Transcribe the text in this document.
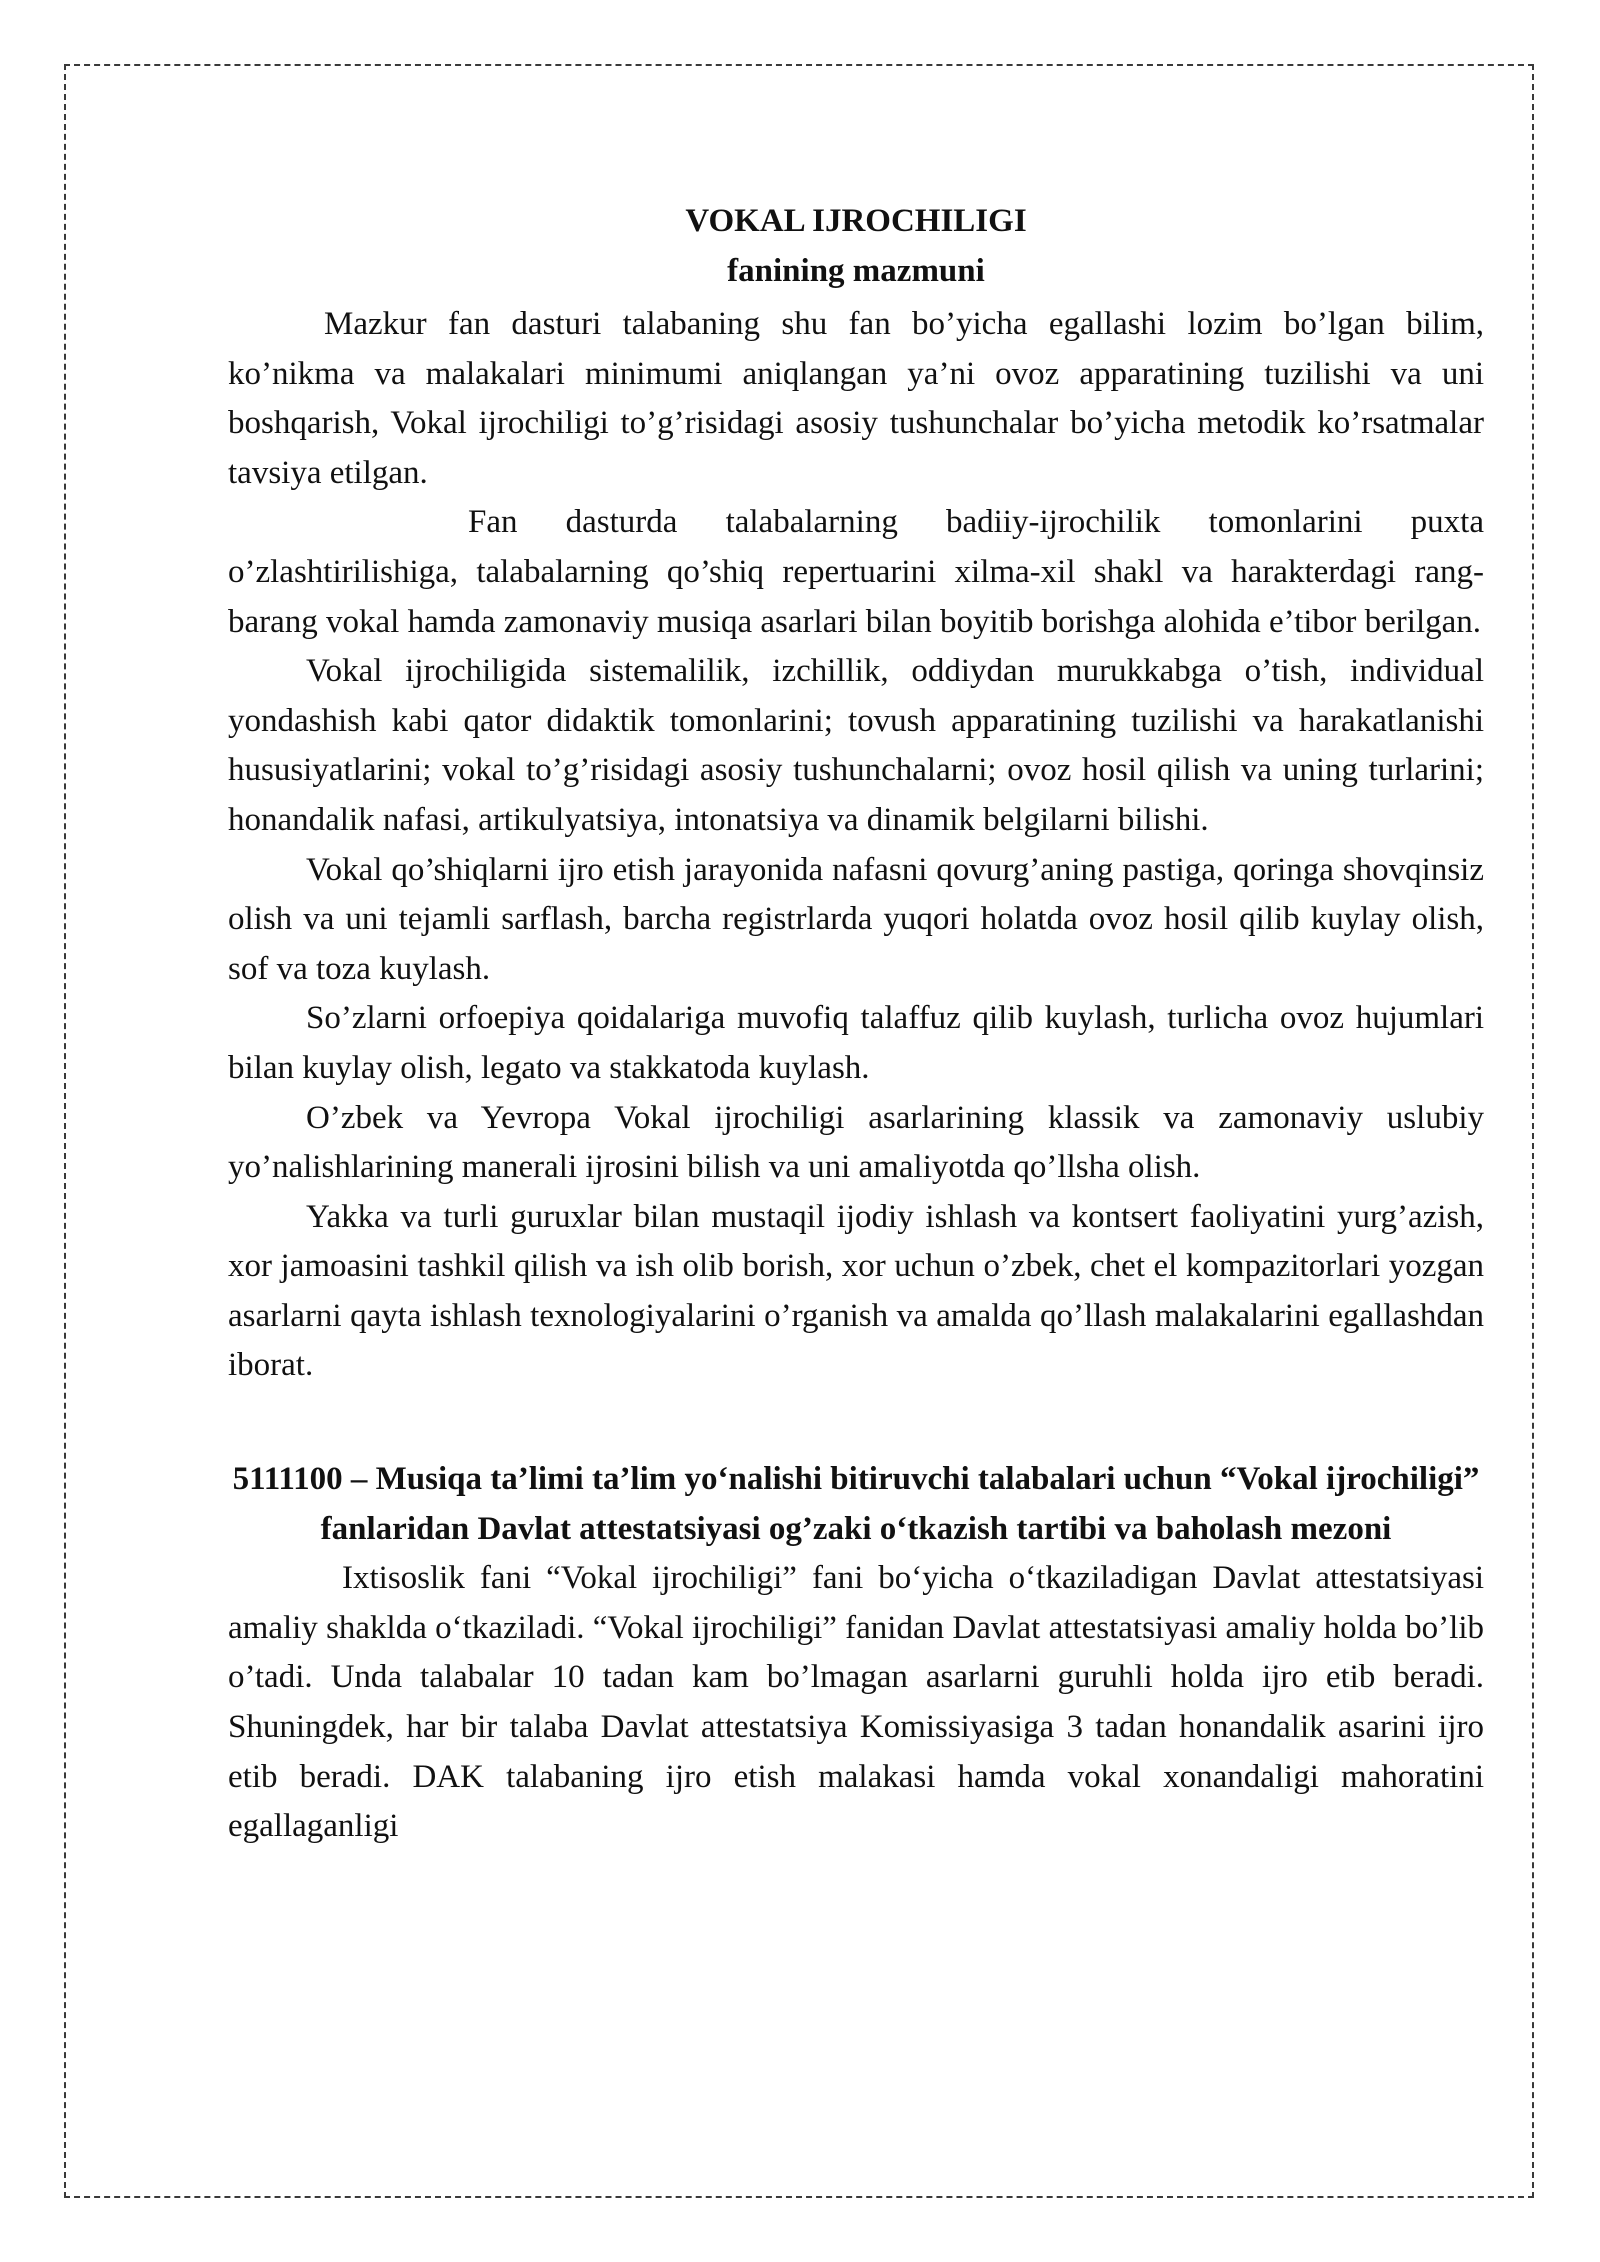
VOKAL IJROCHILIGI
fanining mazmuni

Mazkur fan dasturi talabaning shu fan bo’yicha egallashi lozim bo’lgan bilim, ko’nikma va malakalari minimumi aniqlangan ya’ni ovoz apparatining tuzilishi va uni boshqarish, Vokal ijrochiligi to’g’risidagi asosiy tushunchalar bo’yicha metodik ko’rsatmalar tavsiya etilgan.

Fan dasturda talabalarning badiiy-ijrochilik tomonlarini puxta o’zlashtirilishiga, talabalarning qo’shiq repertuarini xilma-xil shakl va harakterdagi rang-barang vokal hamda zamonaviy musiqa asarlari bilan boyitib borishga alohida e’tibor berilgan.

Vokal ijrochiligida sistemalilik, izchillik, oddiydan murukkabga o’tish, individual yondashish kabi qator didaktik tomonlarini; tovush apparatining tuzilishi va harakatlanishi hususiyatlarini; vokal to’g’risidagi asosiy tushunchalarni; ovoz hosil qilish va uning turlarini; honandalik nafasi, artikulyatsiya, intonatsiya va dinamik belgilarni bilishi.

Vokal qo’shiqlarni ijro etish jarayonida nafasni qovurg’aning pastiga, qoringa shovqinsiz olish va uni tejamli sarflash, barcha registrlarda yuqori holatda ovoz hosil qilib kuylay olish, sof va toza kuylash.

So’zlarni orfoepiya qoidalariga muvofiq talaffuz qilib kuylash, turlicha ovoz hujumlari bilan kuylay olish, legato va stakkatoda kuylash.

O’zbek va Yevropa Vokal ijrochiligi asarlarining klassik va zamonaviy uslubiy yo’nalishlarining manerali ijrosini bilish va uni amaliyotda qo’llsha olish.

Yakka va turli guruxlar bilan mustaqil ijodiy ishlash va kontsert faoliyatini yurg’azish, xor jamoasini tashkil qilish va ish olib borish, xor uchun o’zbek, chet el kompazitorlari yozgan asarlarni qayta ishlash texnologiyalarini o’rganish va amalda qo’llash malakalarini egallashdan iborat.

5111100 – Musiqa ta’limi ta’lim yo‘nalishi bitiruvchi talabalari uchun “Vokal ijrochiligi” fanlaridan Davlat attestatsiyasi og’zaki o‘tkazish tartibi va baholash mezoni

Ixtisoslik fani “Vokal ijrochiligi” fani bo‘yicha o‘tkaziladigan Davlat attestatsiyasi amaliy shaklda o‘tkaziladi. “Vokal ijrochiligi” fanidan Davlat attestatsiyasi amaliy holda bo’lib o’tadi. Unda talabalar 10 tadan kam bo’lmagan asarlarni guruhli holda ijro etib beradi. Shuningdek, har bir talaba Davlat attestatsiya Komissiyasiga 3 tadan honandalik asarini ijro etib beradi. DAK talabaning ijro etish malakasi hamda vokal xonandaligi mahoratini egallaganligi
